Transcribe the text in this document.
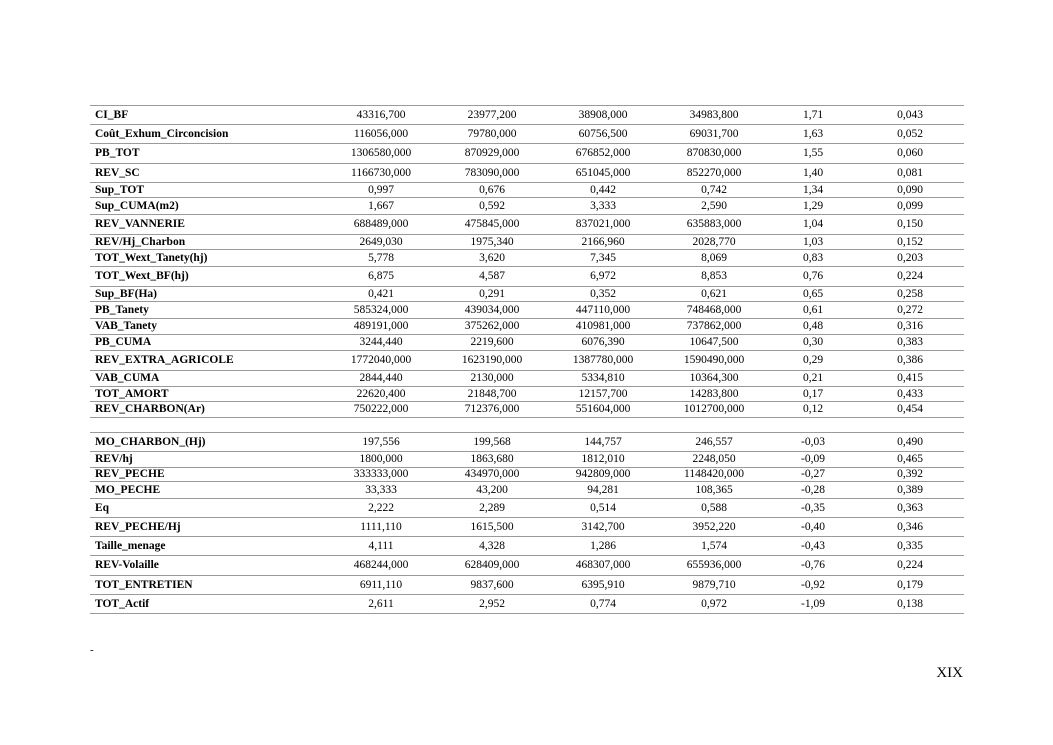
CI_BF	43316,700	23977,200	38908,000	34983,800	1,71	0,043
Coût_Exhum_Circoncision	116056,000	79780,000	60756,500	69031,700	1,63	0,052
PB_TOT	1306580,000	870929,000	676852,000	870830,000	1,55	0,060
REV_SC	1166730,000	783090,000	651045,000	852270,000	1,40	0,081
Sup_TOT	0,997	0,676	0,442	0,742	1,34	0,090
Sup_CUMA(m2)	1,667	0,592	3,333	2,590	1,29	0,099
REV_VANNERIE	688489,000	475845,000	837021,000	635883,000	1,04	0,150
REV/Hj_Charbon	2649,030	1975,340	2166,960	2028,770	1,03	0,152
TOT_Wext_Tanety(hj)	5,778	3,620	7,345	8,069	0,83	0,203
TOT_Wext_BF(hj)	6,875	4,587	6,972	8,853	0,76	0,224
Sup_BF(Ha)	0,421	0,291	0,352	0,621	0,65	0,258
PB_Tanety	585324,000	439034,000	447110,000	748468,000	0,61	0,272
VAB_Tanety	489191,000	375262,000	410981,000	737862,000	0,48	0,316
PB_CUMA	3244,440	2219,600	6076,390	10647,500	0,30	0,383
REV_EXTRA_AGRICOLE	1772040,000	1623190,000	1387780,000	1590490,000	0,29	0,386
VAB_CUMA	2844,440	2130,000	5334,810	10364,300	0,21	0,415
TOT_AMORT	22620,400	21848,700	12157,700	14283,800	0,17	0,433
REV_CHARBON(Ar)	750222,000	712376,000	551604,000	1012700,000	0,12	0,454

MO_CHARBON_(Hj)	197,556	199,568	144,757	246,557	-0,03	0,490
REV/hj	1800,000	1863,680	1812,010	2248,050	-0,09	0,465
REV_PECHE	333333,000	434970,000	942809,000	1148420,000	-0,27	0,392
MO_PECHE	33,333	43,200	94,281	108,365	-0,28	0,389
Eq	2,222	2,289	0,514	0,588	-0,35	0,363
REV_PECHE/Hj	1111,110	1615,500	3142,700	3952,220	-0,40	0,346
Taille_menage	4,111	4,328	1,286	1,574	-0,43	0,335
REV-Volaille	468244,000	628409,000	468307,000	655936,000	-0,76	0,224
TOT_ENTRETIEN	6911,110	9837,600	6395,910	9879,710	-0,92	0,179
TOT_Actif	2,611	2,952	0,774	0,972	-1,09	0,138
-
XIX
